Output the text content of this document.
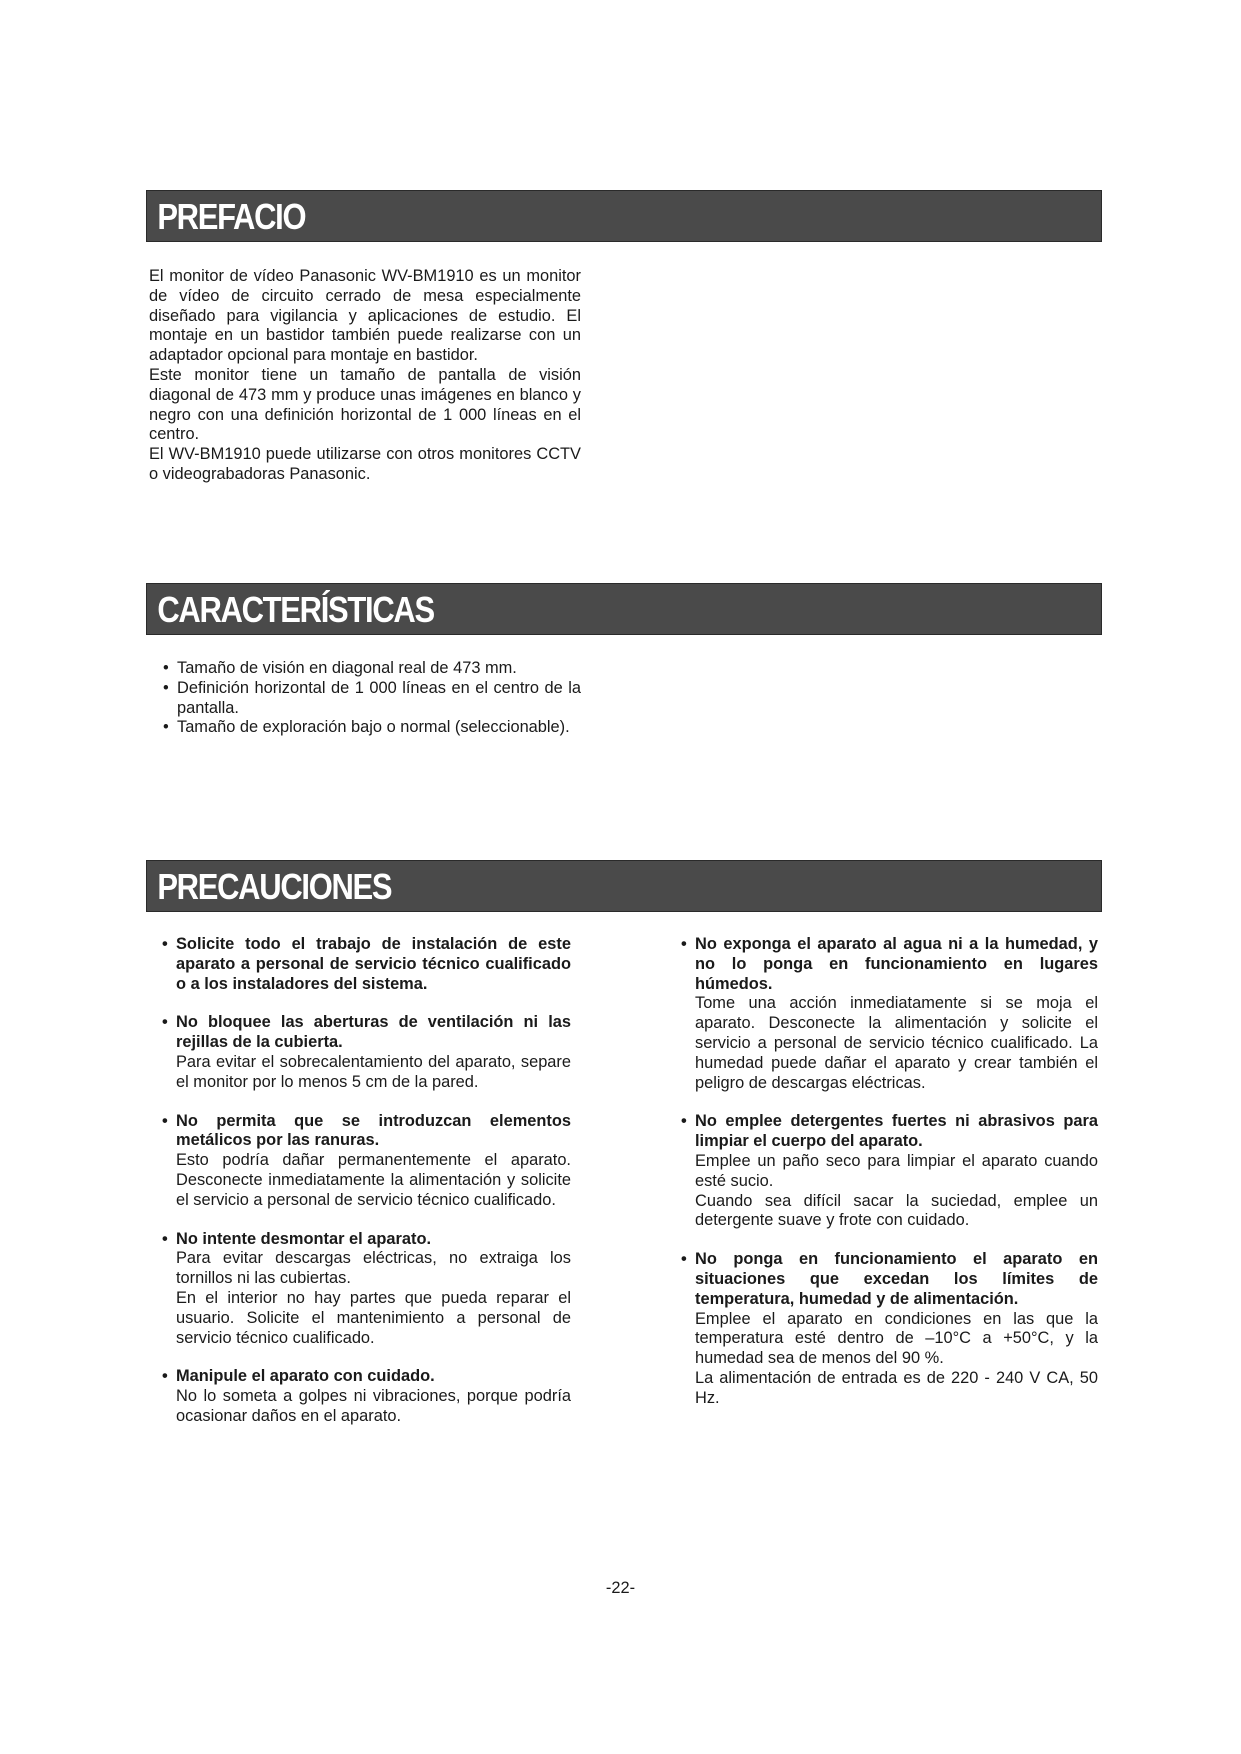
PREFACIO

El monitor de vídeo Panasonic WV-BM1910 es un monitor de vídeo de circuito cerrado de mesa especialmente diseñado para vigilancia y aplicaciones de estudio. El montaje en un bastidor también puede realizarse con un adaptador opcional para montaje en bastidor.

Este monitor tiene un tamaño de pantalla de visión diagonal de 473 mm y produce unas imágenes en blanco y negro con una definición horizontal de 1 000 líneas en el centro.

El WV-BM1910 puede utilizarse con otros monitores CCTV o videograbadoras Panasonic.

CARACTERÍSTICAS
• Tamaño de visión en diagonal real de 473 mm.
• Definición horizontal de 1 000 líneas en el centro de la pantalla.
• Tamaño de exploración bajo o normal (seleccionable).
PRECAUCIONES
• Solicite todo el trabajo de instalación de este aparato a personal de servicio técnico cualificado o a los instaladores del sistema.

• No bloquee las aberturas de ventilación ni las rejillas de la cubierta.

Para evitar el sobrecalentamiento del aparato, separe el monitor por lo menos 5 cm de la pared.

• No permita que se introduzcan elementos metálicos por las ranuras.

Esto podría dañar permanentemente el aparato. Desconecte inmediatamente la alimentación y solicite el servicio a personal de servicio técnico cualificado.

• No intente desmontar el aparato.

Para evitar descargas eléctricas, no extraiga los tornillos ni las cubiertas.

En el interior no hay partes que pueda reparar el usuario. Solicite el mantenimiento a personal de servicio técnico cualificado.

• Manipule el aparato con cuidado.

No lo someta a golpes ni vibraciones, porque podría ocasionar daños en el aparato.

• No exponga el aparato al agua ni a la humedad, y no lo ponga en funcionamiento en lugares húmedos.

Tome una acción inmediatamente si se moja el aparato. Desconecte la alimentación y solicite el servicio a personal de servicio técnico cualificado. La humedad puede dañar el aparato y crear también el peligro de descargas eléctricas.

• No emplee detergentes fuertes ni abrasivos para limpiar el cuerpo del aparato.

Emplee un paño seco para limpiar el aparato cuando esté sucio.

Cuando sea difícil sacar la suciedad, emplee un detergente suave y frote con cuidado.

• No ponga en funcionamiento el aparato en situaciones que excedan los límites de temperatura, humedad y de alimentación.

Emplee el aparato en condiciones en las que la temperatura esté dentro de –10°C a +50°C, y la humedad sea de menos del 90 %.

La alimentación de entrada es de 220 - 240 V CA, 50 Hz.

-22-
